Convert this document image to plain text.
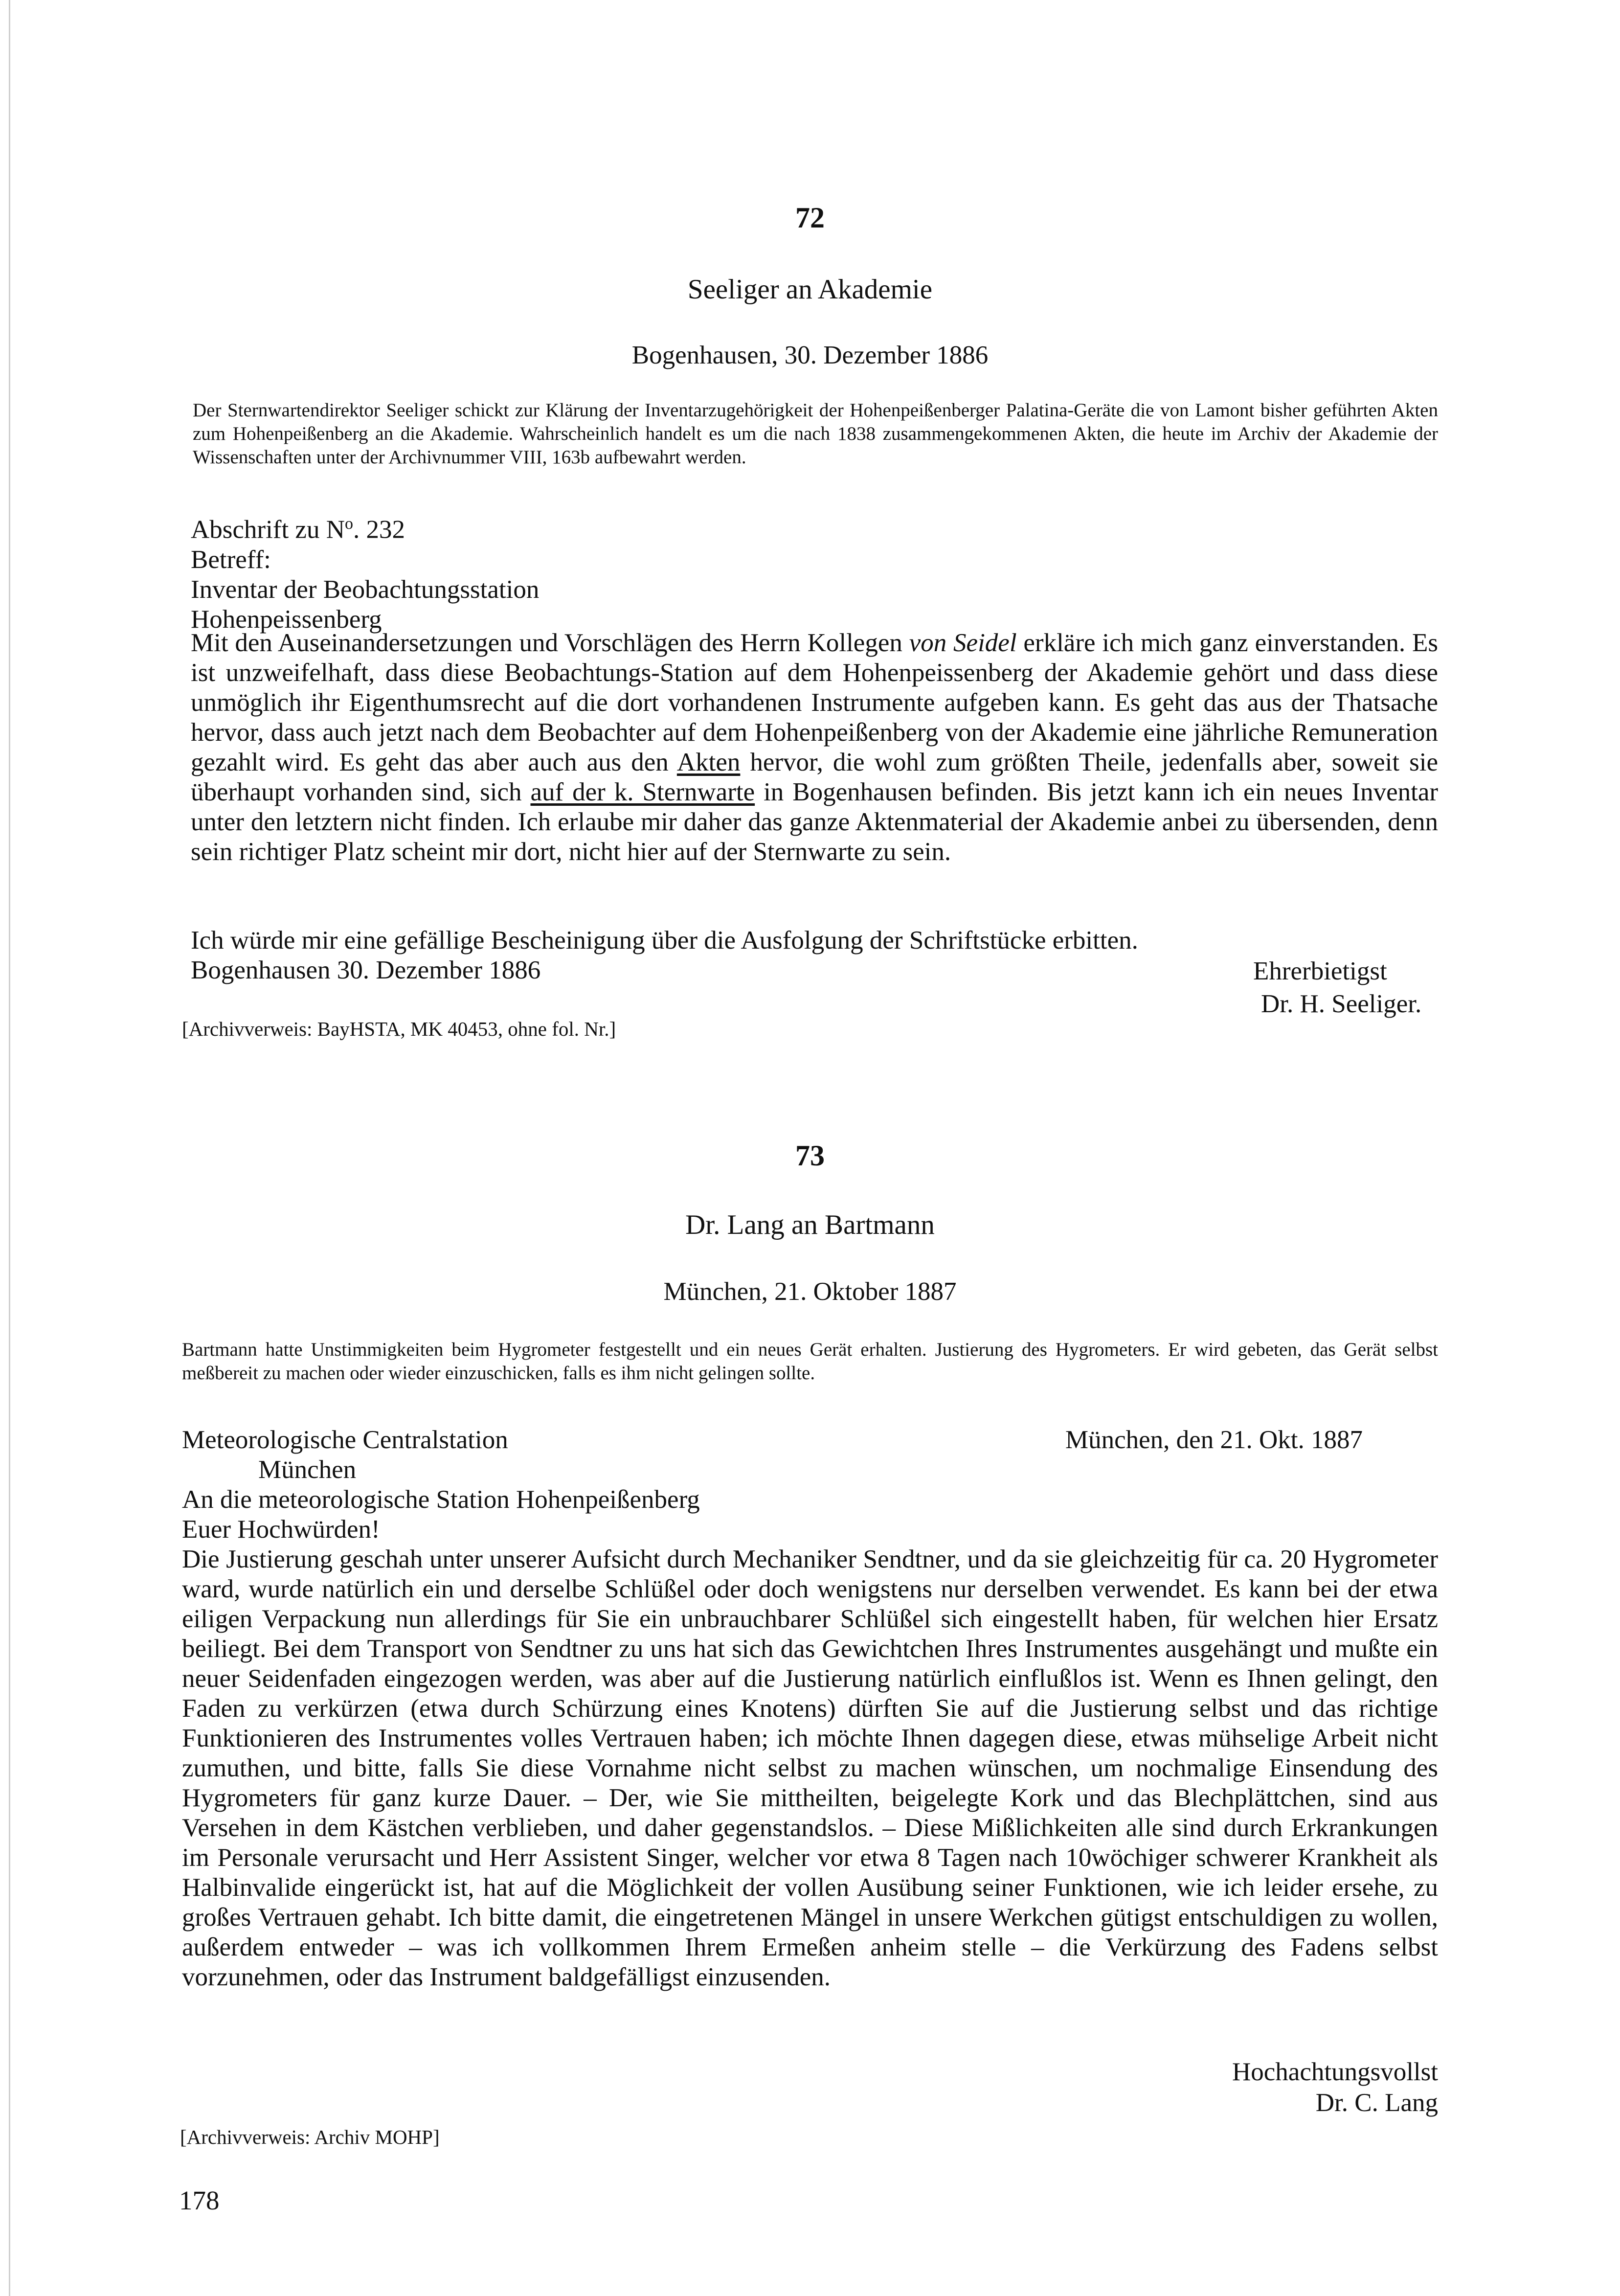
72
Seeliger an Akademie
Bogenhausen, 30. Dezember 1886

Der Sternwartendirektor Seeliger schickt zur Klärung der Inventarzugehörigkeit der Hohenpeißenberger Palatina-Geräte die von Lamont bisher geführten Akten zum Hohenpeißenberg an die Akademie. Wahrscheinlich handelt es um die nach 1838 zusammengekommenen Akten, die heute im Archiv der Akademie der Wissenschaften unter der Archivnummer VIII, 163b aufbewahrt werden.

Abschrift zu $N^o$. 232
Betreff:
Inventar der Beobachtungsstation
Hohenpeissenberg

Mit den Auseinandersetzungen und Vorschlägen des Herrn Kollegen von Seidel erkläre ich mich ganz einverstanden. Es ist unzweifelhaft, dass diese Beobachtungs-Station auf dem Hohenpeissenberg der Akademie gehört und dass diese unmöglich ihr Eigenthumsrecht auf die dort vorhandenen Instrumente aufgeben kann. Es geht das aus der Thatsache hervor, dass auch jetzt nach dem Beobachter auf dem Hohenpeißenberg von der Akademie eine jährliche Remuneration gezahlt wird. Es geht das aber auch aus den Akten hervor, die wohl zum größten Theile, jedenfalls aber, soweit sie überhaupt vorhanden sind, sich auf der k. Sternwarte in Bogenhausen befinden. Bis jetzt kann ich ein neues Inventar unter den letztern nicht finden. Ich erlaube mir daher das ganze Aktenmaterial der Akademie anbei zu übersenden, denn sein richtiger Platz scheint mir dort, nicht hier auf der Sternwarte zu sein.

Ich würde mir eine gefällige Bescheinigung über die Ausfolgung der Schriftstücke erbitten.
Bogenhausen 30. Dezember 1886	Ehrerbietigst
Dr. H. Seeliger.
[Archivverweis: BayHSTA, MK 40453, ohne fol. Nr.]
73
Dr. Lang an Bartmann
München, 21. Oktober 1887

Bartmann hatte Unstimmigkeiten beim Hygrometer festgestellt und ein neues Gerät erhalten. Justierung des Hygrometers. Er wird gebeten, das Gerät selbst meßbereit zu machen oder wieder einzuschicken, falls es ihm nicht gelingen sollte.

Meteorologische Centralstation	München, den 21. Okt. 1887
München
An die meteorologische Station Hohenpeißenberg
Euer Hochwürden!

Die Justierung geschah unter unserer Aufsicht durch Mechaniker Sendtner, und da sie gleichzeitig für ca. 20 Hygrometer ward, wurde natürlich ein und derselbe Schlüßel oder doch wenigstens nur derselben verwendet. Es kann bei der etwa eiligen Verpackung nun allerdings für Sie ein unbrauchbarer Schlüßel sich eingestellt haben, für welchen hier Ersatz beiliegt. Bei dem Transport von Sendtner zu uns hat sich das Gewichtchen Ihres Instrumentes ausgehängt und mußte ein neuer Seidenfaden eingezogen werden, was aber auf die Justierung natürlich einflußlos ist. Wenn es Ihnen gelingt, den Faden zu verkürzen (etwa durch Schürzung eines Knotens) dürften Sie auf die Justierung selbst und das richtige Funktionieren des Instrumentes volles Vertrauen haben; ich möchte Ihnen dagegen diese, etwas mühselige Arbeit nicht zumuthen, und bitte, falls Sie diese Vornahme nicht selbst zu machen wünschen, um nochmalige Einsendung des Hygrometers für ganz kurze Dauer. – Der, wie Sie mittheilten, beigelegte Kork und das Blechplättchen, sind aus Versehen in dem Kästchen verblieben, und daher gegenstandslos. – Diese Mißlichkeiten alle sind durch Erkrankungen im Personale verursacht und Herr Assistent Singer, welcher vor etwa 8 Tagen nach 10wöchiger schwerer Krankheit als Halbinvalide eingerückt ist, hat auf die Möglichkeit der vollen Ausübung seiner Funktionen, wie ich leider ersehe, zu großes Vertrauen gehabt. Ich bitte damit, die eingetretenen Mängel in unsere Werkchen gütigst entschuldigen zu wollen, außerdem entweder – was ich vollkommen Ihrem Ermeßen anheim stelle – die Verkürzung des Fadens selbst vorzunehmen, oder das Instrument baldgefälligst einzusenden.

Hochachtungsvollst
Dr. C. Lang
[Archivverweis: Archiv MOHP]
178
